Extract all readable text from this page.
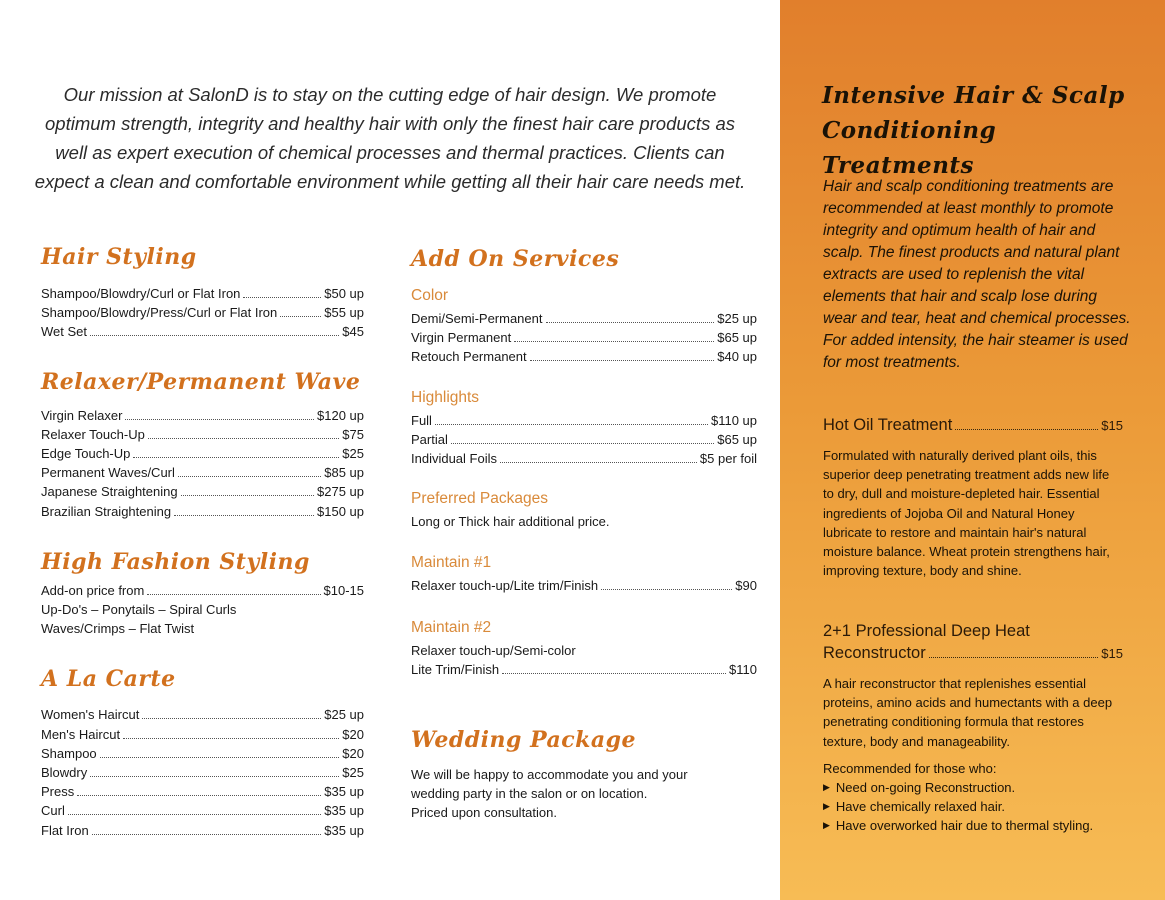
Our mission at SalonD is to stay on the cutting edge of hair design. We promote optimum strength, integrity and healthy hair with only the finest hair care products as well as expert execution of chemical processes and thermal practices. Clients can expect a clean and comfortable environment while getting all their hair care needs met.

Hair Styling
Shampoo/Blowdry/Curl or Flat Iron	$50 up
Shampoo/Blowdry/Press/Curl or Flat Iron	$55 up
Wet Set	$45
Relaxer/Permanent Wave
Virgin Relaxer	$120 up
Relaxer Touch-Up	$75
Edge Touch-Up	$25
Permanent Waves/Curl	$85 up
Japanese Straightening	$275 up
Brazilian Straightening	$150 up
High Fashion Styling
Add-on price from	$10-15

Up-Do's – Ponytails – Spiral Curls

Waves/Crimps – Flat Twist

A La Carte
Women's Haircut	$25 up
Men's Haircut	$20
Shampoo	$20
Blowdry	$25
Press	$35 up
Curl	$35 up
Flat Iron	$35 up
Add On Services

Color

Demi/Semi-Permanent	$25 up
Virgin Permanent	$65 up
Retouch Permanent	$40 up

Highlights

Full	$110 up
Partial	$65 up
Individual Foils	$5 per foil

Preferred Packages

Long or Thick hair additional price.

Maintain #1

Relaxer touch-up/Lite trim/Finish	$90

Maintain #2

Relaxer touch-up/Semi-color

Lite Trim/Finish	$110
Wedding Package

We will be happy to accommodate you and your

wedding party in the salon or on location.

Priced upon consultation.

Intensive Hair & Scalp
Conditioning Treatments

Hair and scalp conditioning treatments are recommended at least monthly to promote integrity and optimum health of hair and scalp. The finest products and natural plant extracts are used to replenish the vital elements that hair and scalp lose during wear and tear, heat and chemical processes. For added intensity, the hair steamer is used for most treatments.

Hot Oil Treatment	$15

Formulated with naturally derived plant oils, this superior deep penetrating treatment adds new life to dry, dull and moisture-depleted hair. Essential ingredients of Jojoba Oil and Natural Honey lubricate to restore and maintain hair's natural moisture balance. Wheat protein strengthens hair, improving texture, body and shine.

2+1 Professional Deep Heat
Reconstructor	$15

A hair reconstructor that replenishes essential proteins, amino acids and humectants with a deep penetrating conditioning formula that restores texture, body and manageability.

Recommended for those who:

▶ Need on-going Reconstruction.
▶ Have chemically relaxed hair.
▶ Have overworked hair due to thermal styling.
